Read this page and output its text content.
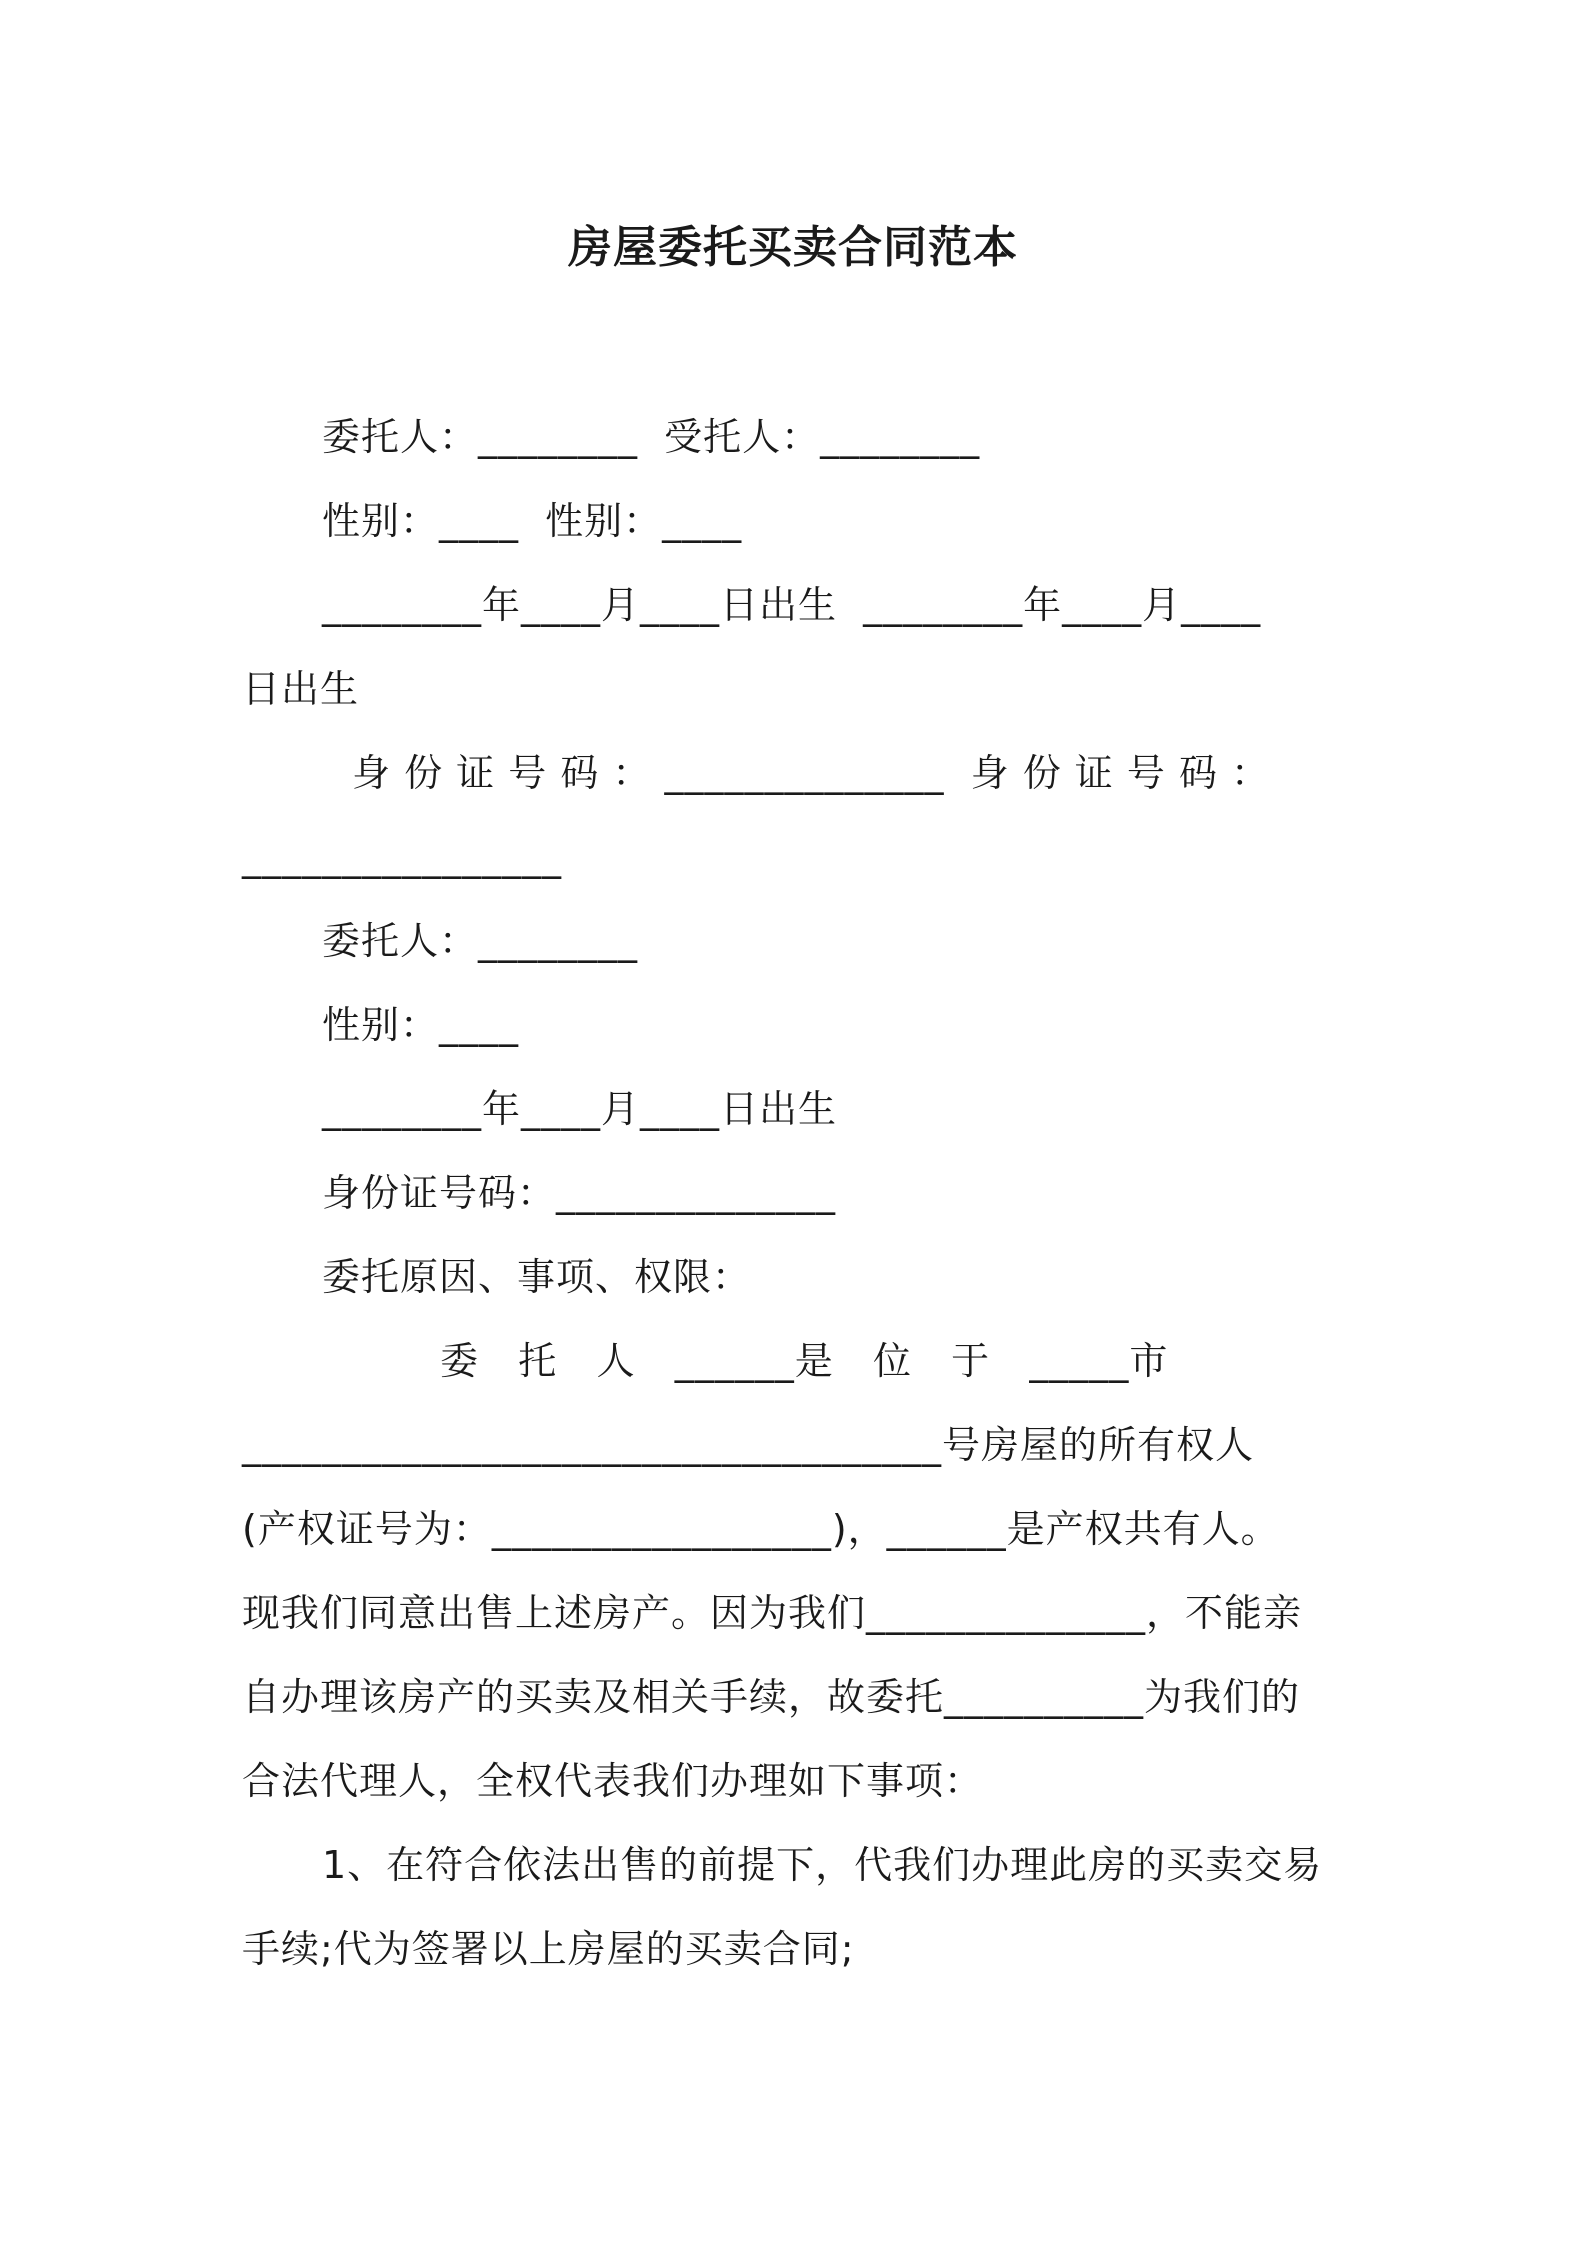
房屋委托买卖合同范本
委托人：________  受托人：________
性别：____  性别：____
________年____月____日出生  ________年____月____
日出生
身 份 证 号 码 ： ______________  身 份 证 号 码 ：
________________
委托人：________
性别：____
________年____月____日出生
身份证号码：______________
委托原因、事项、权限：
委   托   人   ______是   位   于   _____市
___________________________________号房屋的所有权人
(产权证号为：_________________)，______是产权共有人。
现我们同意出售上述房产。因为我们______________，不能亲
自办理该房产的买卖及相关手续，故委托__________为我们的
合法代理人，全权代表我们办理如下事项：
1、在符合依法出售的前提下，代我们办理此房的买卖交易
手续;代为签署以上房屋的买卖合同;
